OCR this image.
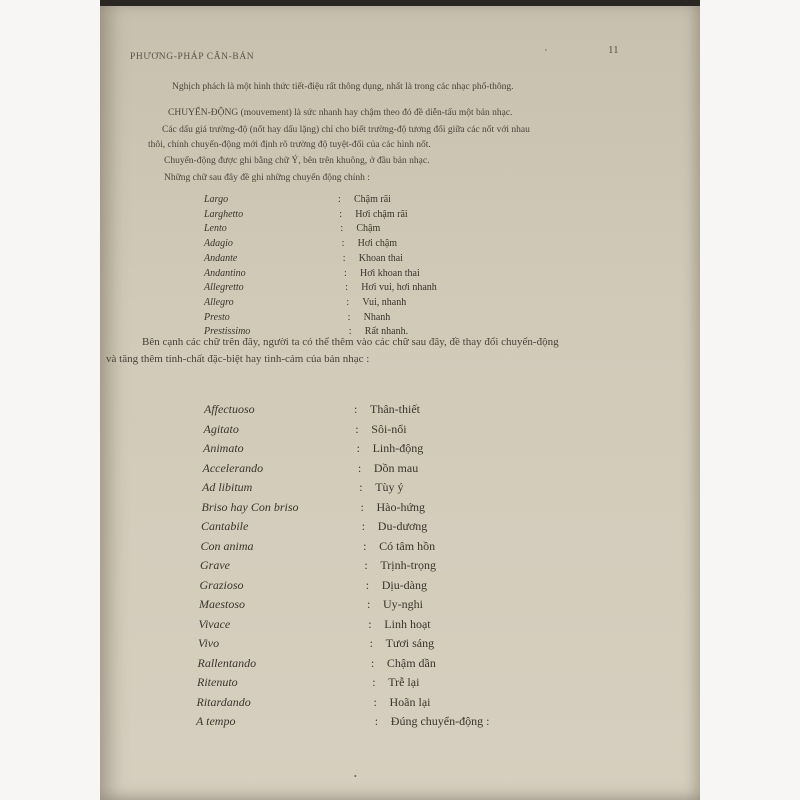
PHƯƠNG-PHÁP CĂN-BẢN	'	11
Nghịch phách là một hình thức tiết-điệu rất thông dụng, nhất là trong các nhạc phổ-thông.
CHUYỂN-ĐỘNG (mouvement) là sức nhanh hay chậm theo đó đề diễn-tấu một bản nhạc.
Các dấu giá trường-độ (nốt hay dấu lặng) chỉ cho biết trường-độ tương đối giữa các nốt với nhau
thôi, chính chuyển-động mới định rõ trường độ tuyệt-đối của các hình nốt.
Chuyển-động được ghi bằng chữ Ý, bên trên khuông, ở đầu bản nhạc.
Những chữ sau đây đề ghi những chuyển động chính :
Largo	: Chậm rãi
Larghetto	: Hơi chậm rãi
Lento	: Chậm
Adagio	: Hơi chậm
Andante	: Khoan thai
Andantino	: Hơi khoan thai
Allegretto	: Hơi vui, hơi nhanh
Allegro	: Vui, nhanh
Presto	: Nhanh
Prestissimo	: Rất nhanh.
Bên cạnh các chữ trên đây, người ta có thể thêm vào các chữ sau đây, đề thay đổi chuyển-động
và tăng thêm tính-chất đặc-biệt hay tình-cảm của bản nhạc :
Affectuoso	: Thân-thiết
Agitato	: Sôi-nổi
Animato	: Linh-động
Accelerando	: Dồn mau
Ad libitum	: Tùy ý
Briso hay Con briso	: Hào-hứng
Cantabile	: Du-dương
Con anima	: Có tâm hồn
Grave	: Trịnh-trọng
Grazioso	: Dịu-dàng
Maestoso	: Uy-nghi
Vivace	: Linh hoạt
Vivo	: Tươi sáng
Rallentando	: Chậm dần
Ritenuto	: Trễ lại
Ritardando	: Hoãn lại
A tempo	: Đúng chuyển-động :
•
